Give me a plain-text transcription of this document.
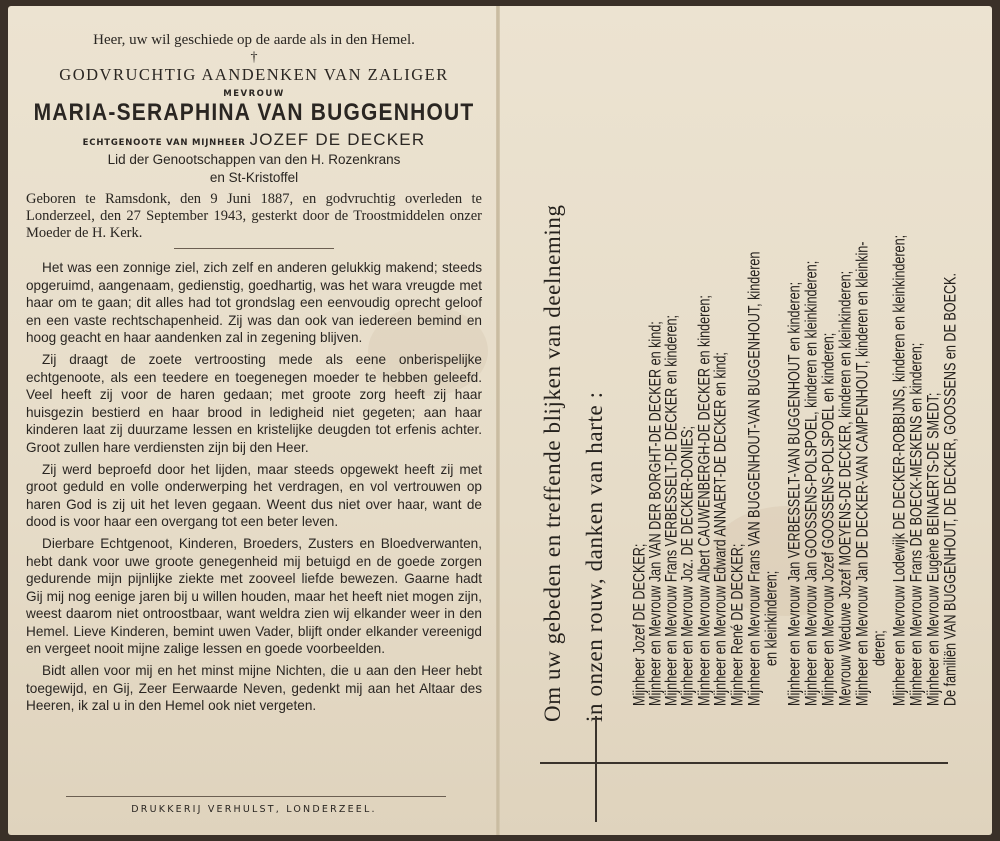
Heer, uw wil geschiede op de aarde als in den Hemel.
†
GODVRUCHTIG AANDENKEN VAN ZALIGER
MEVROUW
MARIA-SERAPHINA VAN BUGGENHOUT
ECHTGENOOTE VAN MIJNHEER JOZEF DE DECKER
Lid der Genootschappen van den H. Rozenkrans
en St-Kristoffel
Geboren te Ramsdonk, den 9 Juni 1887, en godvruchtig overleden te Londerzeel, den 27 September 1943, gesterkt door de Troostmiddelen onzer Moeder de H. Kerk.

Het was een zonnige ziel, zich zelf en anderen gelukkig makend; steeds opgeruimd, aangenaam, gedienstig, goedhartig, was het wara vreugde met haar om te gaan; dit alles had tot grondslag een eenvoudig oprecht geloof en een vaste rechtschapenheid. Zij was dan ook van iedereen bemind en hoog geacht en haar aandenken zal in zegening blijven.

Zij draagt de zoete vertroosting mede als eene onberispelijke echtgenoote, als een teedere en toegenegen moeder te hebben geleefd. Veel heeft zij voor de haren gedaan; met groote zorg heeft zij haar huisgezin bestierd en haar brood in ledigheid niet gegeten; aan haar kinderen laat zij duurzame lessen en kristelijke deugden tot erfenis achter. Groot zullen hare verdiensten zijn bij den Heer.

Zij werd beproefd door het lijden, maar steeds opgewekt heeft zij met groot geduld en volle onderwerping het verdragen, en vol vertrouwen op haren God is zij uit het leven gegaan. Weent dus niet over haar, want de dood is voor haar een overgang tot een beter leven.

Dierbare Echtgenoot, Kinderen, Broeders, Zusters en Bloedverwanten, hebt dank voor uwe groote genegenheid mij betuigd en de goede zorgen gedurende mijn pijnlijke ziekte met zooveel liefde bewezen. Gaarne hadt Gij mij nog eenige jaren bij u willen houden, maar het heeft niet mogen zijn, weest daarom niet ontroostbaar, want weldra zien wij elkander weer in den Hemel. Lieve Kinderen, bemint uwen Vader, blijft onder elkander vereenigd en vergeet nooit mijne zalige lessen en goede voorbeelden.

Bidt allen voor mij en het minst mijne Nichten, die u aan den Heer hebt toegewijd, en Gij, Zeer Eerwaarde Neven, gedenkt mij aan het Altaar des Heeren, ik zal u in den Hemel ook niet vergeten.

DRUKKERIJ VERHULST, LONDERZEEL.
Om uw gebeden en treffende blijken van deelneming in onzen rouw, danken van harte : Mijnheer Jozef DE DECKER;
Mijnheer en Mevrouw Jan VAN DER BORGHT-DE DECKER en kind;
Mijnheer en Mevrouw Frans VERBESSELT-DE DECKER en kinderen;
Mijnheer en Mevrouw Joz. DE DECKER-DONIES;
Mijnheer en Mevrouw Albert CAUWENBERGH-DE DECKER en kinderen;
Mijnheer en Mevrouw Edward ANNAERT-DE DECKER en kind;
Mijnheer René DE DECKER;
Mijnheer en Mevrouw Frans VAN BUGGENHOUT-VAN BUGGENHOUT, kinderen
en kleinkinderen; Mijnheer en Mevrouw Jan VERBESSELT-VAN BUGGENHOUT en kinderen;
Mijnheer en Mevrouw Jan GOOSSENS-POLSPOEL, kinderen en kleinkinderen;
Mijnheer en Mevrouw Jozef GOOSSENS-POLSPOEL en kinderen;
Mevrouw Weduwe Jozef MOEYENS-DE DECKER, kinderen en kleinkinderen;
Mijnheer en Mevrouw Jan DE DECKER-VAN CAMPENHOUT, kinderen en kleinkin-
deren; Mijnheer en Mevrouw Lodewijk DE DECKER-ROBBIJNS, kinderen en kleinkinderen;
Mijnheer en Mevrouw Frans DE BOECK-MESKENS en kinderen;
Mijnheer en Mevrouw Eugène BEINAERTS-DE SMEDT;
De familiën VAN BUGGENHOUT, DE DECKER, GOOSSENS en DE BOECK.
